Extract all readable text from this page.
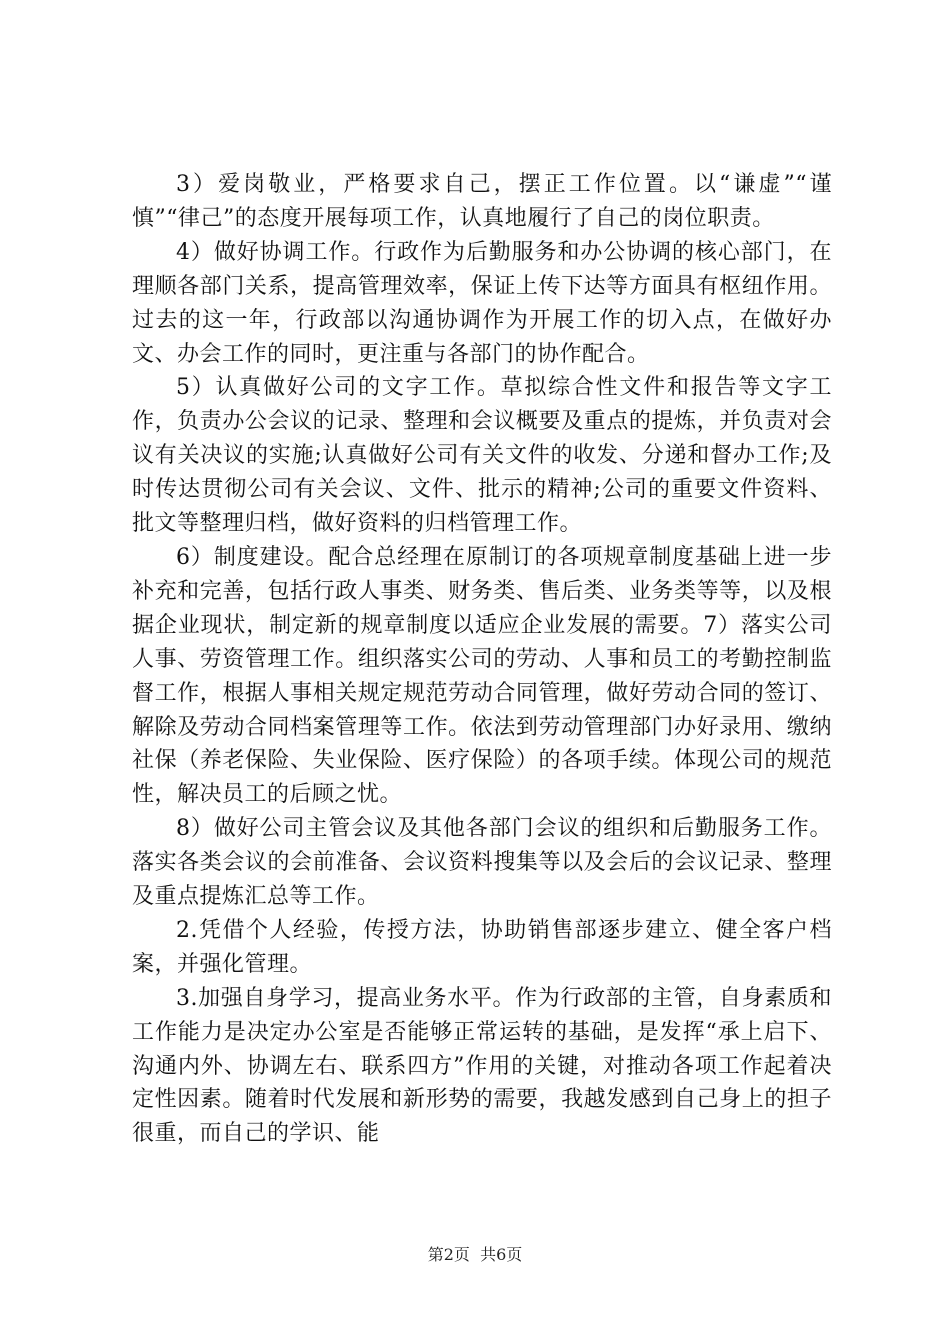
3）爱岗敬业，严格要求自己，摆正工作位置。以“谦虚”“谨慎”“律己”的态度开展每项工作，认真地履行了自己的岗位职责。

4）做好协调工作。行政作为后勤服务和办公协调的核心部门，在理顺各部门关系，提高管理效率，保证上传下达等方面具有枢纽作用。过去的这一年，行政部以沟通协调作为开展工作的切入点，在做好办文、办会工作的同时，更注重与各部门的协作配合。

5）认真做好公司的文字工作。草拟综合性文件和报告等文字工作，负责办公会议的记录、整理和会议概要及重点的提炼，并负责对会议有关决议的实施;认真做好公司有关文件的收发、分递和督办工作;及时传达贯彻公司有关会议、文件、批示的精神;公司的重要文件资料、批文等整理归档，做好资料的归档管理工作。

6）制度建设。配合总经理在原制订的各项规章制度基础上进一步补充和完善，包括行政人事类、财务类、售后类、业务类等等，以及根据企业现状，制定新的规章制度以适应企业发展的需要。7）落实公司人事、劳资管理工作。组织落实公司的劳动、人事和员工的考勤控制监督工作，根据人事相关规定规范劳动合同管理，做好劳动合同的签订、解除及劳动合同档案管理等工作。依法到劳动管理部门办好录用、缴纳社保（养老保险、失业保险、医疗保险）的各项手续。体现公司的规范性，解决员工的后顾之忧。

8）做好公司主管会议及其他各部门会议的组织和后勤服务工作。落实各类会议的会前准备、会议资料搜集等以及会后的会议记录、整理及重点提炼汇总等工作。

2.凭借个人经验，传授方法，协助销售部逐步建立、健全客户档案，并强化管理。

3.加强自身学习，提高业务水平。作为行政部的主管，自身素质和工作能力是决定办公室是否能够正常运转的基础，是发挥“承上启下、沟通内外、协调左右、联系四方”作用的关键，对推动各项工作起着决定性因素。随着时代发展和新形势的需要，我越发感到自己身上的担子很重，而自己的学识、能

第2页  共6页
